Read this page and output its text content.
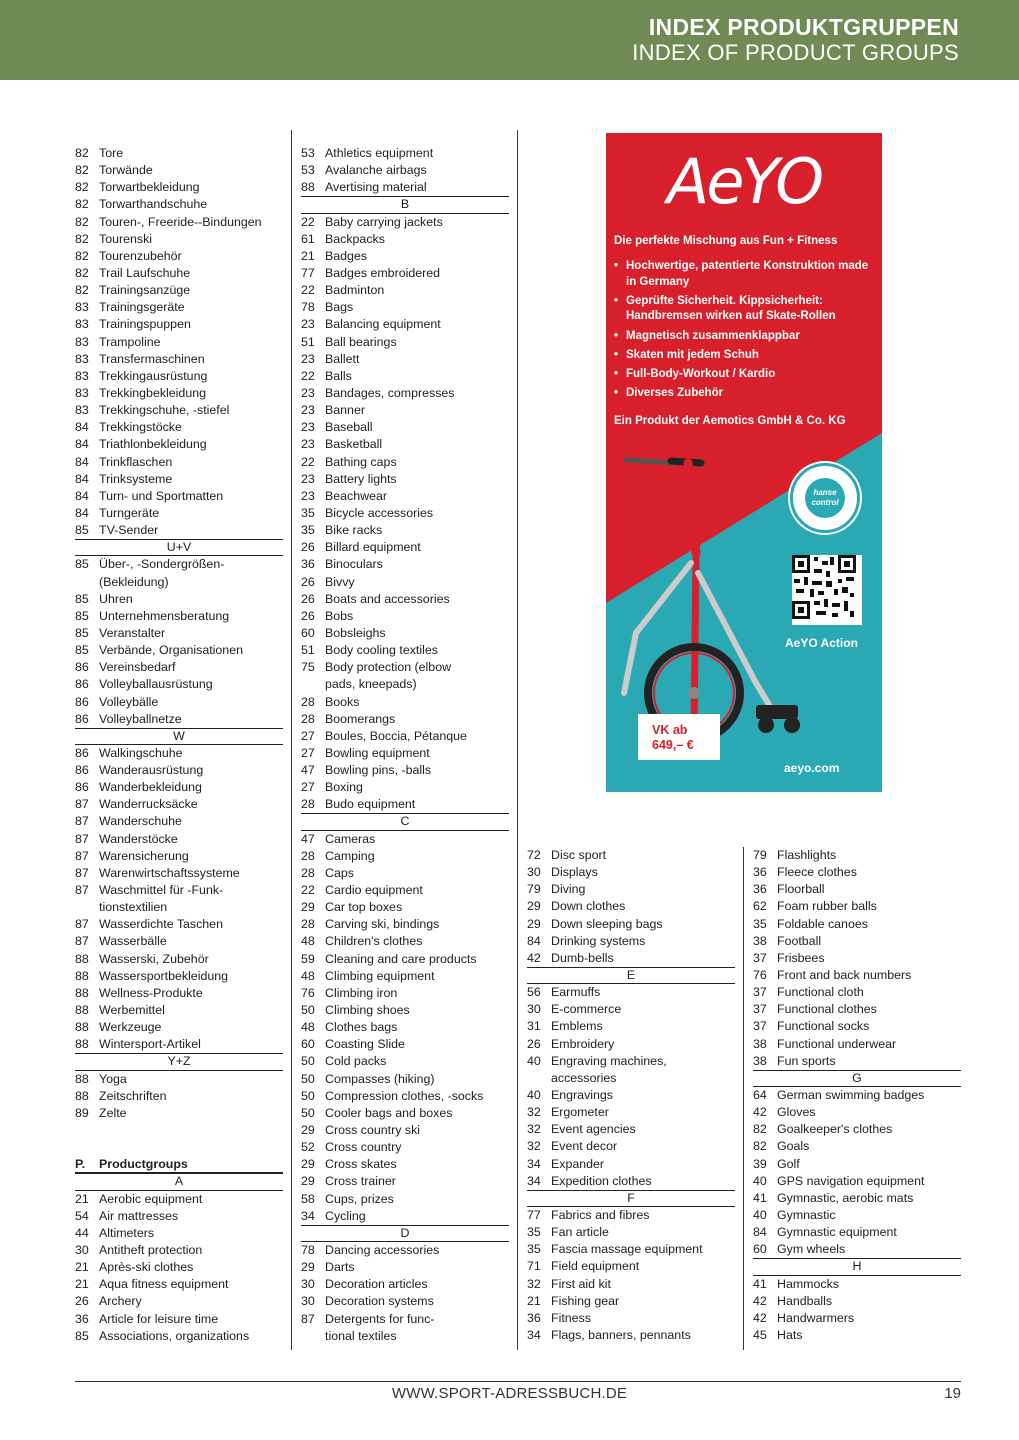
INDEX PRODUKTGRUPPEN
INDEX OF PRODUCT GROUPS
82 Tore
82 Torwände
82 Torwartbekleidung
82 Torwarthandschuhe
82 Touren-, Freeride--Bindungen
82 Tourenski
82 Tourenzubehör
82 Trail Laufschuhe
82 Trainingsanzüge
83 Trainingsgeräte
83 Trainingspuppen
83 Trampoline
83 Transfermaschinen
83 Trekkingausrüstung
83 Trekkingbekleidung
83 Trekkingschuhe, -stiefel
84 Trekkingstöcke
84 Triathlonbekleidung
84 Trinkflaschen
84 Trinksysteme
84 Turn- und Sportmatten
84 Turngeräte
85 TV-Sender
U+V
85 Über-, -Sondergrößen-
(Bekleidung)
85 Uhren
85 Unternehmensberatung
85 Veranstalter
85 Verbände, Organisationen
86 Vereinsbedarf
86 Volleyballausrüstung
86 Volleybälle
86 Volleyballnetze
W
86 Walkingschuhe
86 Wanderausrüstung
86 Wanderbekleidung
87 Wanderrucksäcke
87 Wanderschuhe
87 Wanderstöcke
87 Warensicherung
87 Warenwirtschaftssysteme
87 Waschmittel für -Funk-
tionstextilien
87 Wasserdichte Taschen
87 Wasserbälle
88 Wasserski, Zubehör
88 Wassersportbekleidung
88 Wellness-Produkte
88 Werbemittel
88 Werkzeuge
88 Wintersport-Artikel
Y+Z
88 Yoga
88 Zeitschriften
89 Zelte
P.	Productgroups
A
21 Aerobic equipment
54 Air mattresses
44 Altimeters
30 Antitheft protection
21 Après-ski clothes
21 Aqua fitness equipment
26 Archery
36 Article for leisure time
85 Associations, organizations
53 Athletics equipment
53 Avalanche airbags
88 Avertising material
B
22 Baby carrying jackets
61 Backpacks
21 Badges
77 Badges embroidered
22 Badminton
78 Bags
23 Balancing equipment
51 Ball bearings
23 Ballett
22 Balls
23 Bandages, compresses
23 Banner
23 Baseball
23 Basketball
22 Bathing caps
23 Battery lights
23 Beachwear
35 Bicycle accessories
35 Bike racks
26 Billard equipment
36 Binoculars
26 Bivvy
26 Boats and accessories
26 Bobs
60 Bobsleighs
51 Body cooling textiles
75 Body protection (elbow
pads, kneepads)
28 Books
28 Boomerangs
27 Boules, Boccia, Pétanque
27 Bowling equipment
47 Bowling pins, -balls
27 Boxing
28 Budo equipment
C
47 Cameras
28 Camping
28 Caps
22 Cardio equipment
29 Car top boxes
28 Carving ski, bindings
48 Children's clothes
59 Cleaning and care products
48 Climbing equipment
76 Climbing iron
50 Climbing shoes
48 Clothes bags
60 Coasting Slide
50 Cold packs
50 Compasses (hiking)
50 Compression clothes, -socks
50 Cooler bags and boxes
29 Cross country ski
52 Cross country
29 Cross skates
29 Cross trainer
58 Cups, prizes
34 Cycling
D
78 Dancing accessories
29 Darts
30 Decoration articles
30 Decoration systems
87 Detergents for func-
tional textiles
72 Disc sport
30 Displays
79 Diving
29 Down clothes
29 Down sleeping bags
84 Drinking systems
42 Dumb-bells
E
56 Earmuffs
30 E-commerce
31 Emblems
26 Embroidery
40 Engraving machines,
accessories
40 Engravings
32 Ergometer
32 Event agencies
32 Event decor
34 Expander
34 Expedition clothes
F
77 Fabrics and fibres
35 Fan article
35 Fascia massage equipment
71 Field equipment
32 First aid kit
21 Fishing gear
36 Fitness
34 Flags, banners, pennants
79 Flashlights
36 Fleece clothes
36 Floorball
62 Foam rubber balls
35 Foldable canoes
38 Football
37 Frisbees
76 Front and back numbers
37 Functional cloth
37 Functional clothes
37 Functional socks
38 Functional underwear
38 Fun sports
G
64 German swimming badges
42 Gloves
82 Goalkeeper's clothes
82 Goals
39 Golf
40 GPS navigation equipment
41 Gymnastic, aerobic mats
40 Gymnastic
84 Gymnastic equipment
60 Gym wheels
H
41 Hammocks
42 Handballs
42 Handwarmers
45 Hats
AeYO
Die perfekte Mischung aus Fun + Fitness
• Hochwertige, patentierte Konstruktion made in Germany
• Geprüfte Sicherheit. Kippsicherheit: Handbremsen wirken auf Skate-Rollen
• Magnetisch zusammenklappbar
• Skaten mit jedem Schuh
• Full-Body-Workout / Kardio
• Diverses Zubehör
Ein Produkt der Aemotics GmbH & Co. KG
hanse control
AeYO Action
VK ab
649,– €
aeyo.com
WWW.SPORT-ADRESSBUCH.DE	19
